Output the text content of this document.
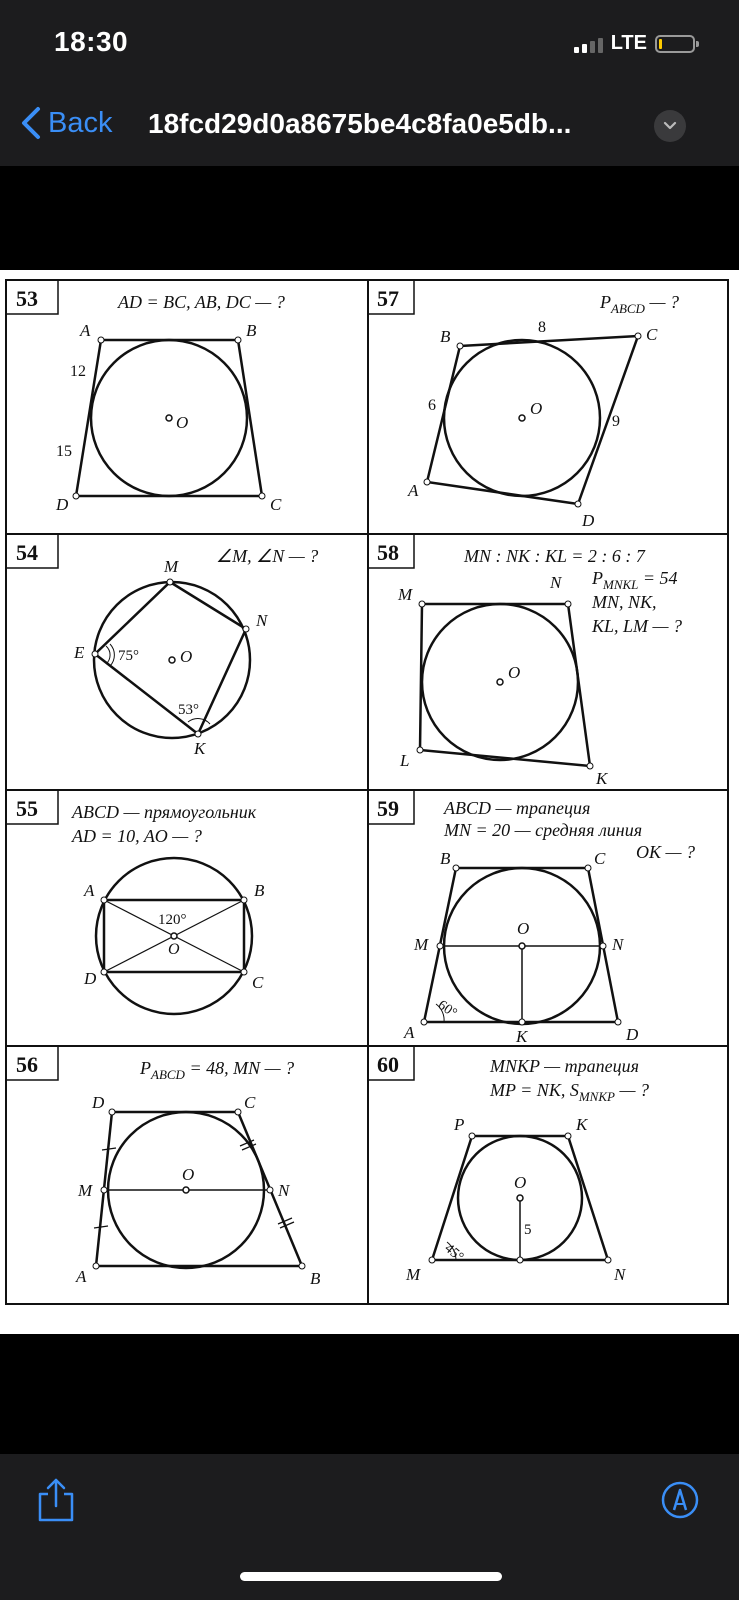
18:30	LTE
Back 18fcd29d0a8675be4c8fa0e5db...
53	AD = BC, AB, DC — ?
A	B
C
D
O
12
15
57	$P_{ABCD}$ — ?
B	C
D
A
O
8
6
9
54	∠M, ∠N — ?
M
N
E
K
O
75°
53°
58	MN : NK : KL = 2 : 6 : 7
$P_{MNKL} = 54$
MN, NK,
KL, LM — ?
M
N
K
L
O
55 ABCD — прямоугольник
AD = 10, AO — ?
A	B
C
D
O
120°
59	ABCD — трапеция
MN = 20 — средняя линия
OK — ?
B	C
D
A
M	N
O
K
60°
56	$P_{ABCD} = 48$, MN — ?
D	C
B
A
M	N
O
60	MNKP — трапеция
MP = NK, $S_{MNKP}$ — ?
P	K
N
M
O
5
45°
